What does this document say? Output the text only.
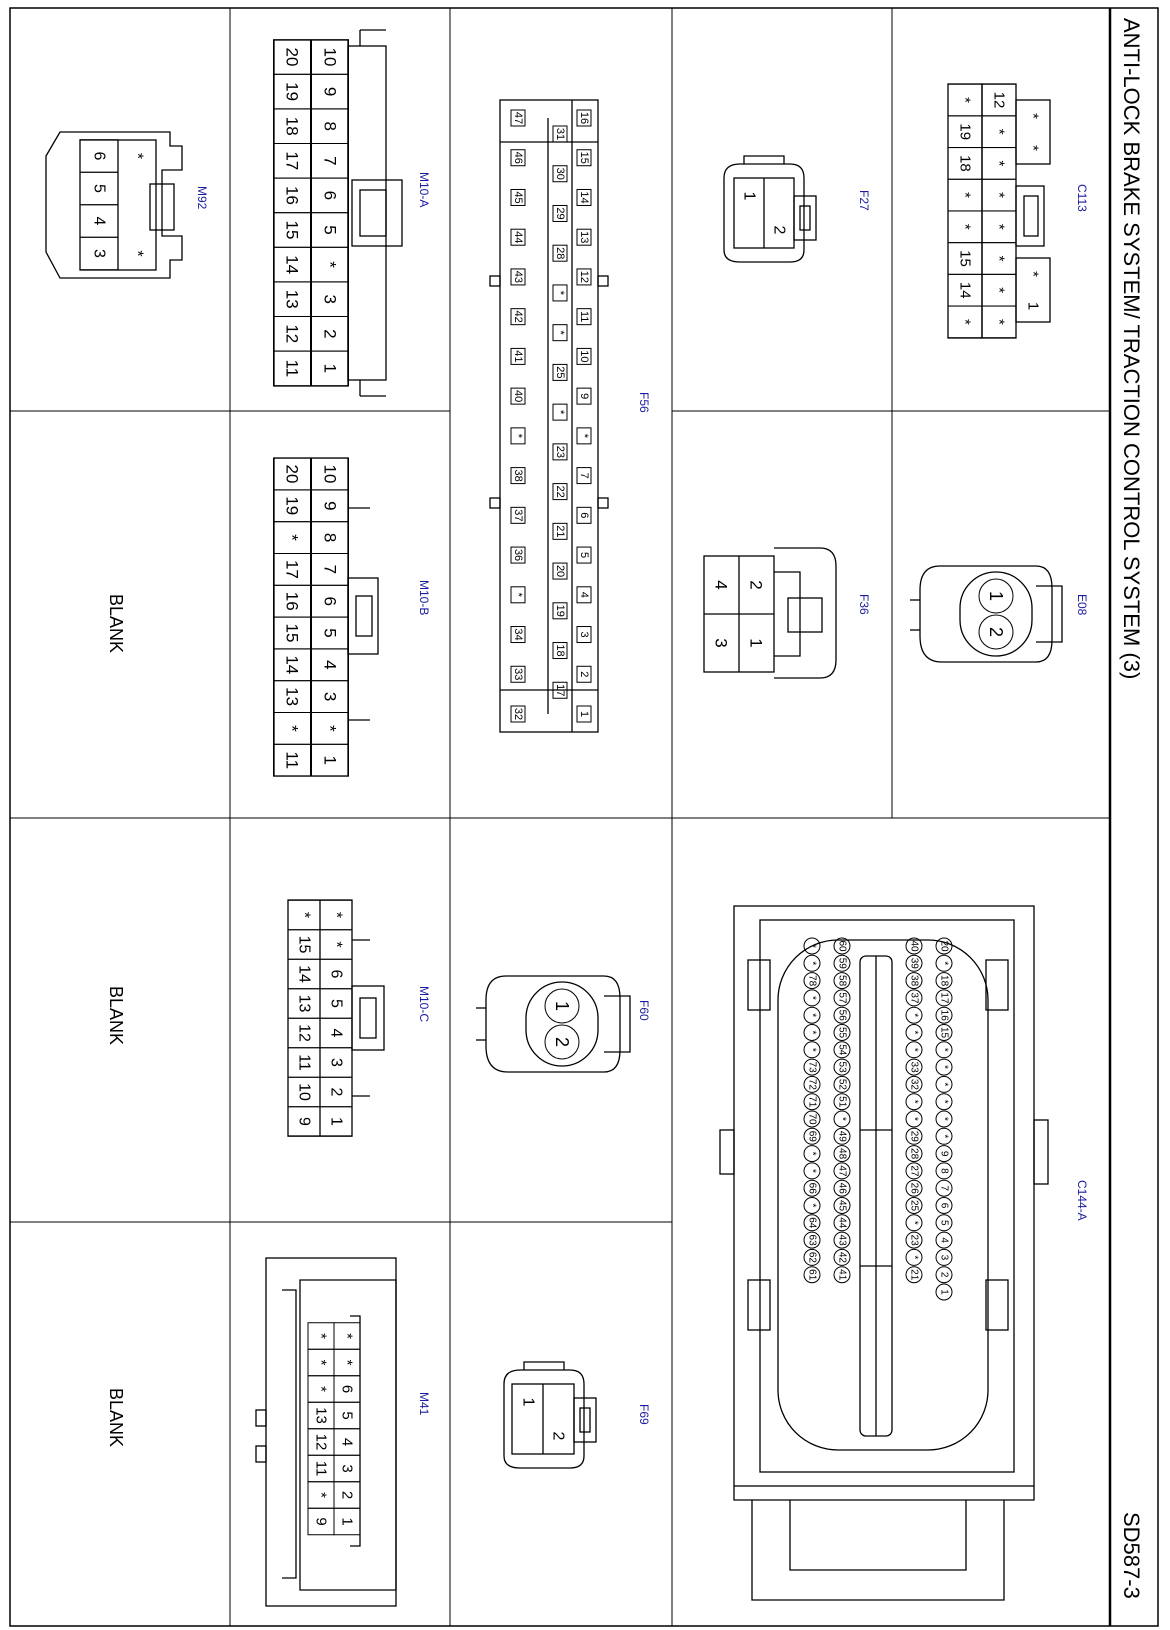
ANTI-LOCK BRAKE SYSTEM/ TRACTION CONTROL SYSTEM (3)
SD587-3
BLANK
BLANK
BLANK
C113
F27
F56
M10-A
M92
E08
F36
M10-B
C144-A
F60
M10-C
F69
M41
12
*
*
*
*
*
*
*
*
19
18
*
*
15
14
*
*
*
*
1
1
2
16
15
14
13
12
11
10
9
*
7
6
5
4
3
2
1
31
30
29
28
*
*
25
*
23
22
21
20
19
18
17
47
46
45
44
43
42
41
40
*
38
37
36
*
34
33
32
10
9
8
7
6
5
*
3
2
1
20
19
18
17
16
15
14
13
12
11
*
*
6
5
4
3
1
2
2
1
4
3
10
9
8
7
6
5
4
3
*
1
20
19
*
17
16
15
14
13
*
11
20
*
18
17
16
15
*
*
*
*
*
*
9
8
7
6
5
4
3
2
1
40
39
38
37
*
*
*
33
32
*
*
29
28
27
26
25
*
23
*
21
60
59
58
57
56
55
54
53
52
51
*
49
48
47
46
45
44
43
42
41
*
*
78
*
*
*
*
73
72
71
70
69
*
*
66
*
64
63
62
61
1
2
*
*
6
5
4
3
2
1
*
15
14
13
12
11
10
9
1
2
*
*
6
5
4
3
2
1
*
*
*
13
12
11
*
9
